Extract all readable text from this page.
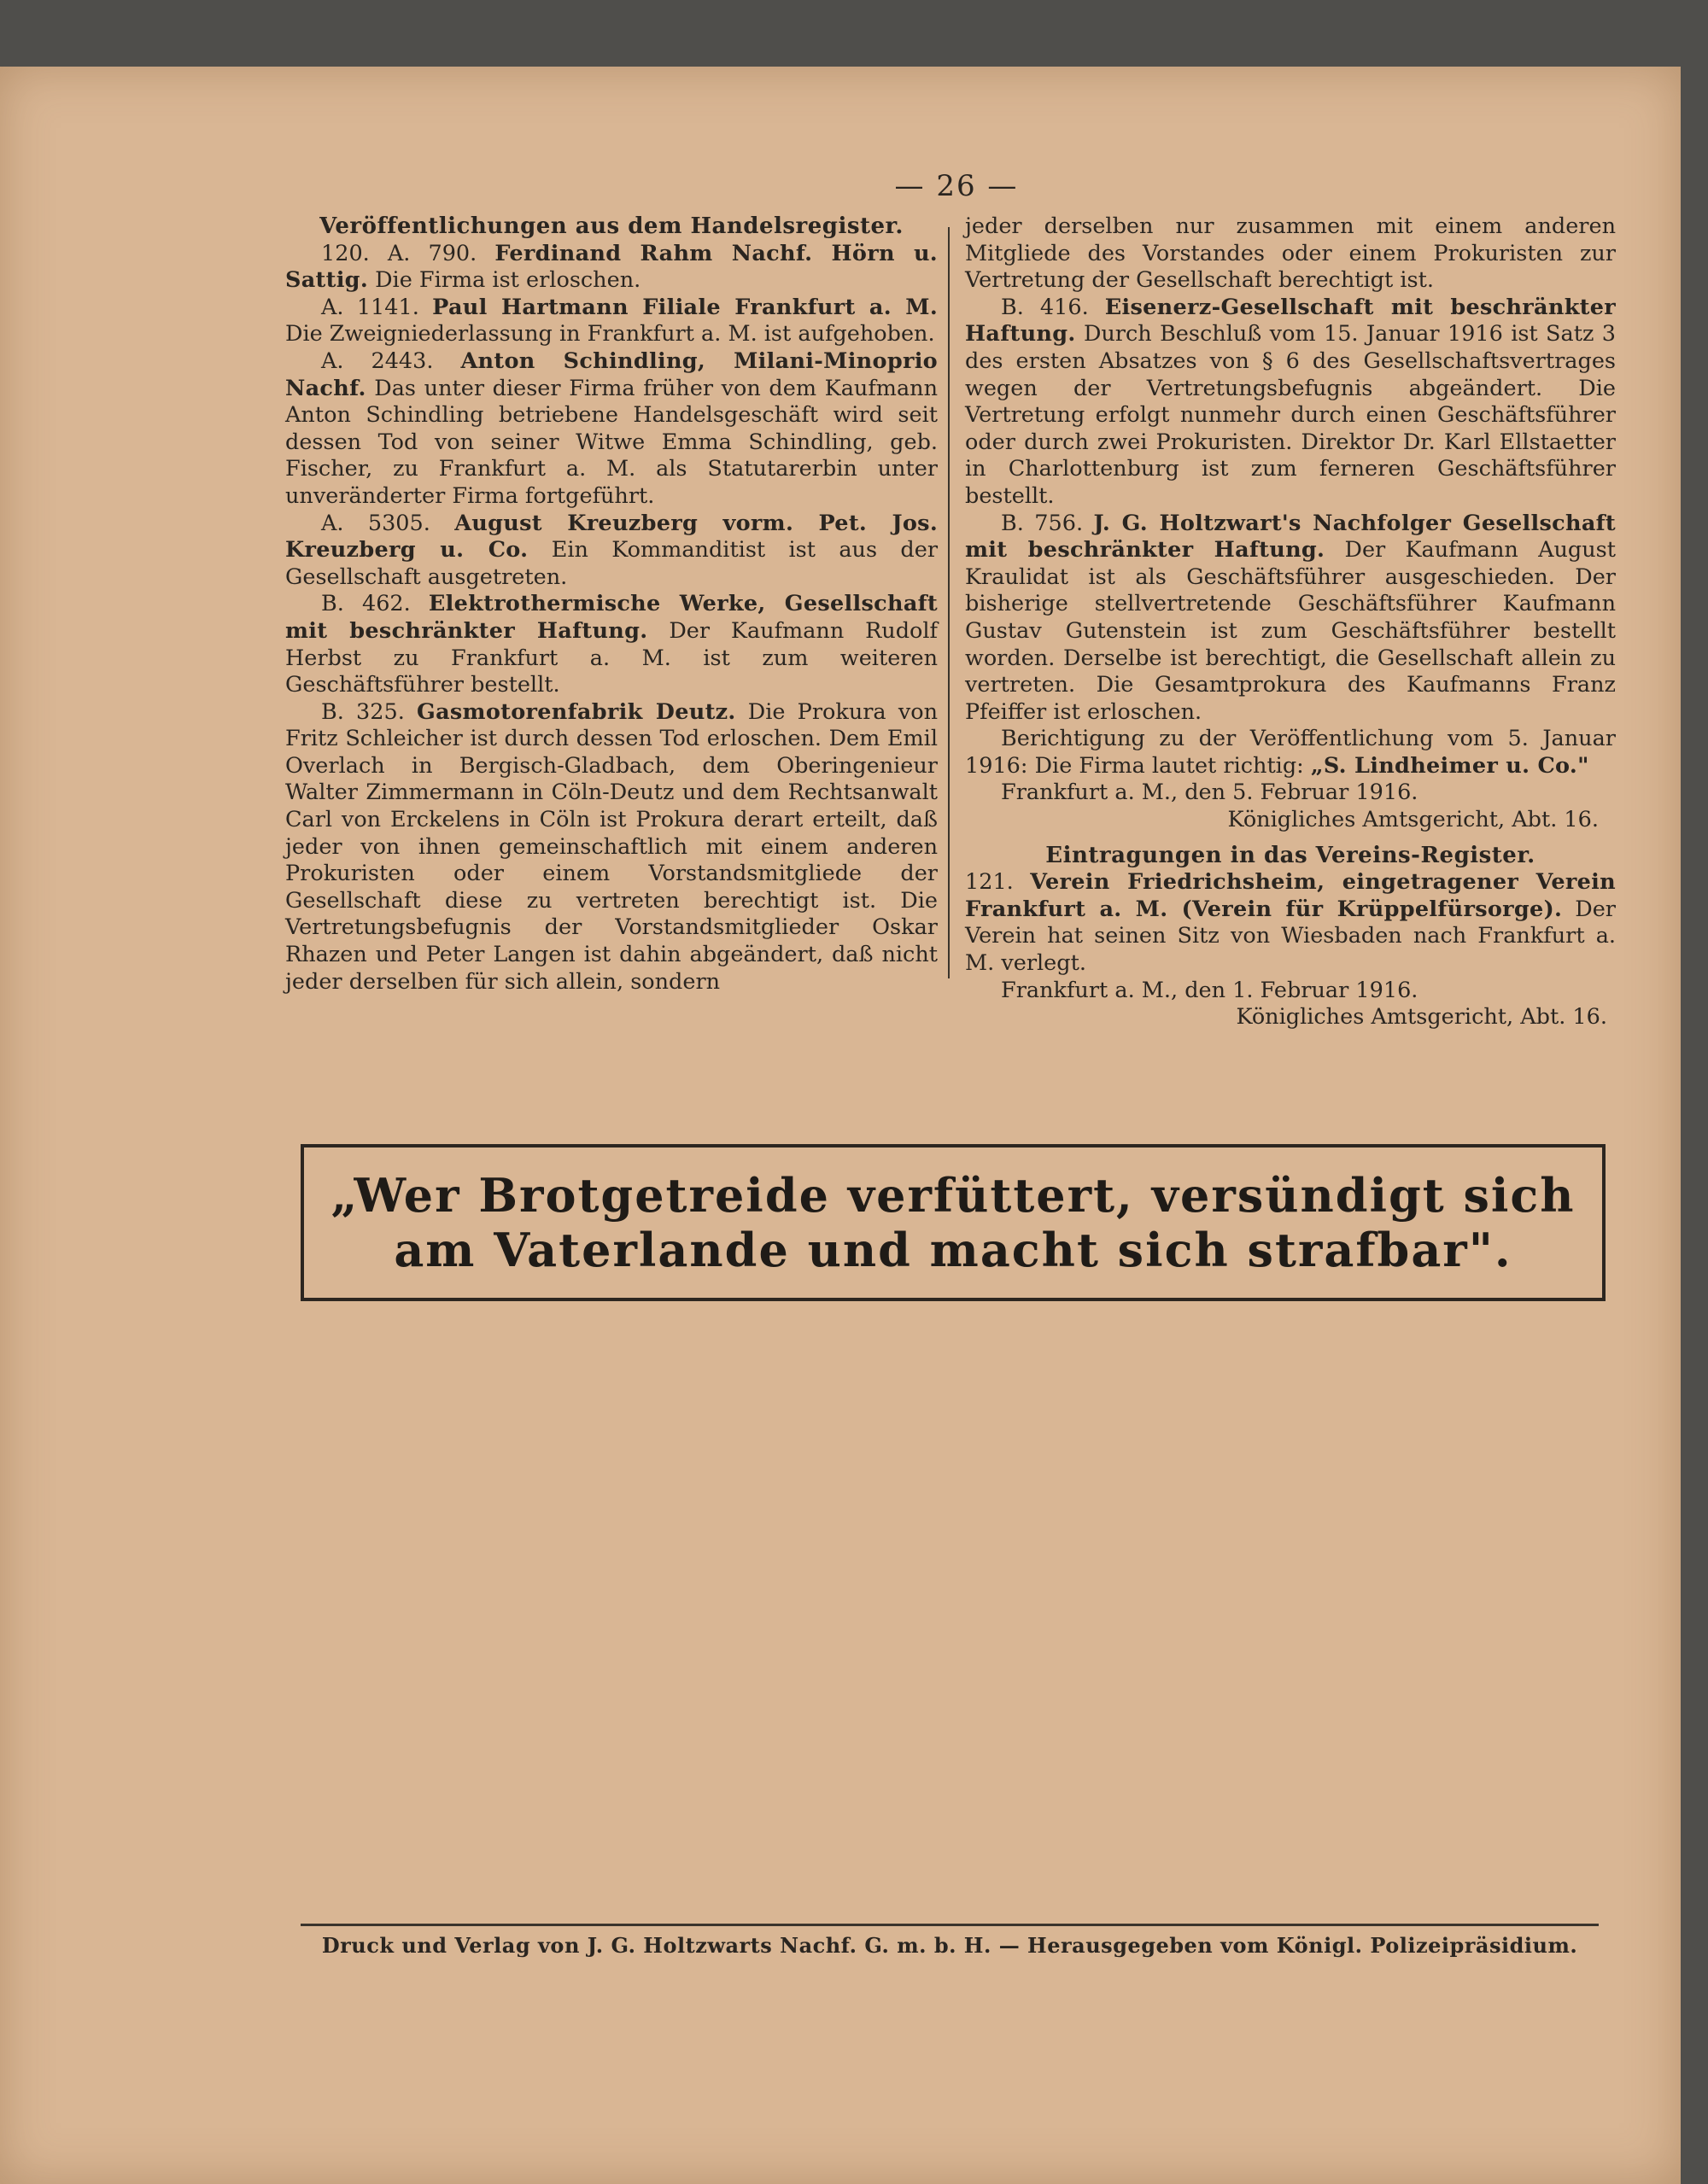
— 26 —

Veröffentlichungen aus dem Handelsregister.

120. A. 790. Ferdinand Rahm Nachf. Hörn u. Sattig. Die Firma ist erloschen.

A. 1141. Paul Hartmann Filiale Frankfurt a. M. Die Zweigniederlassung in Frankfurt a. M. ist aufgehoben.

A. 2443. Anton Schindling, Milani-Minoprio Nachf. Das unter dieser Firma früher von dem Kaufmann Anton Schindling betriebene Handelsgeschäft wird seit dessen Tod von seiner Witwe Emma Schindling, geb. Fischer, zu Frankfurt a. M. als Statutarerbin unter unveränderter Firma fortgeführt.

A. 5305. August Kreuzberg vorm. Pet. Jos. Kreuzberg u. Co. Ein Kommanditist ist aus der Gesellschaft ausgetreten.

B. 462. Elektrothermische Werke, Gesellschaft mit beschränkter Haftung. Der Kaufmann Rudolf Herbst zu Frankfurt a. M. ist zum weiteren Geschäftsführer bestellt.

B. 325. Gasmotorenfabrik Deutz. Die Prokura von Fritz Schleicher ist durch dessen Tod erloschen. Dem Emil Overlach in Bergisch-Gladbach, dem Oberingenieur Walter Zimmermann in Cöln-Deutz und dem Rechtsanwalt Carl von Erckelens in Cöln ist Prokura derart erteilt, daß jeder von ihnen gemeinschaftlich mit einem anderen Prokuristen oder einem Vorstandsmitgliede der Gesellschaft diese zu vertreten berechtigt ist. Die Vertretungsbefugnis der Vorstandsmitglieder Oskar Rhazen und Peter Langen ist dahin abgeändert, daß nicht jeder derselben für sich allein, sondern

jeder derselben nur zusammen mit einem anderen Mitgliede des Vorstandes oder einem Prokuristen zur Vertretung der Gesellschaft berechtigt ist.

B. 416. Eisenerz-Gesellschaft mit beschränkter Haftung. Durch Beschluß vom 15. Januar 1916 ist Satz 3 des ersten Absatzes von § 6 des Gesellschaftsvertrages wegen der Vertretungsbefugnis abgeändert. Die Vertretung erfolgt nunmehr durch einen Geschäftsführer oder durch zwei Prokuristen. Direktor Dr. Karl Ellstaetter in Charlottenburg ist zum ferneren Geschäftsführer bestellt.

B. 756. J. G. Holtzwart's Nachfolger Gesellschaft mit beschränkter Haftung. Der Kaufmann August Kraulidat ist als Geschäftsführer ausgeschieden. Der bisherige stellvertretende Geschäftsführer Kaufmann Gustav Gutenstein ist zum Geschäftsführer bestellt worden. Derselbe ist berechtigt, die Gesellschaft allein zu vertreten. Die Gesamtprokura des Kaufmanns Franz Pfeiffer ist erloschen.

Berichtigung zu der Veröffentlichung vom 5. Januar 1916: Die Firma lautet richtig: „S. Lindheimer u. Co."

Frankfurt a. M., den 5. Februar 1916.

Königliches Amtsgericht, Abt. 16.

Eintragungen in das Vereins-Register.

121. Verein Friedrichsheim, eingetragener Verein Frankfurt a. M. (Verein für Krüppelfürsorge). Der Verein hat seinen Sitz von Wiesbaden nach Frankfurt a. M. verlegt.

Frankfurt a. M., den 1. Februar 1916.

Königliches Amtsgericht, Abt. 16.

„Wer Brotgetreide verfüttert, versündigt sich
am Vaterlande und macht sich strafbar".
Druck und Verlag von J. G. Holtzwarts Nachf. G. m. b. H. — Herausgegeben vom Königl. Polizeipräsidium.
